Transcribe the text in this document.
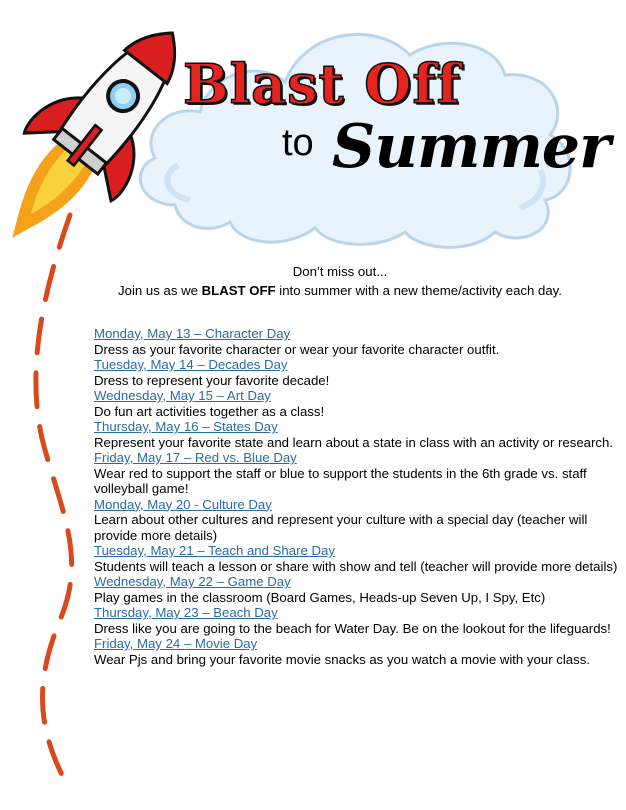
Blast Off
to Summer
Don’t miss out...
Join us as we BLAST OFF into summer with a new theme/activity each day.
Monday, May 13 – Character Day
Dress as your favorite character or wear your favorite character outfit.
Tuesday, May 14 – Decades Day
Dress to represent your favorite decade!
Wednesday, May 15 – Art Day
Do fun art activities together as a class!
Thursday, May 16 – States Day
Represent your favorite state and learn about a state in class with an activity or research.
Friday, May 17 – Red vs. Blue Day
Wear red to support the staff or blue to support the students in the 6th grade vs. staff volleyball game!
Monday, May 20 - Culture Day
Learn about other cultures and represent your culture with a special day (teacher will provide more details)
Tuesday, May 21 – Teach and Share Day
Students will teach a lesson or share with show and tell (teacher will provide more details)
Wednesday, May 22 – Game Day
Play games in the classroom (Board Games, Heads-up Seven Up, I Spy, Etc)
Thursday, May 23 – Beach Day
Dress like you are going to the beach for Water Day. Be on the lookout for the lifeguards!
Friday, May 24 – Movie Day
Wear Pjs and bring your favorite movie snacks as you watch a movie with your class.
